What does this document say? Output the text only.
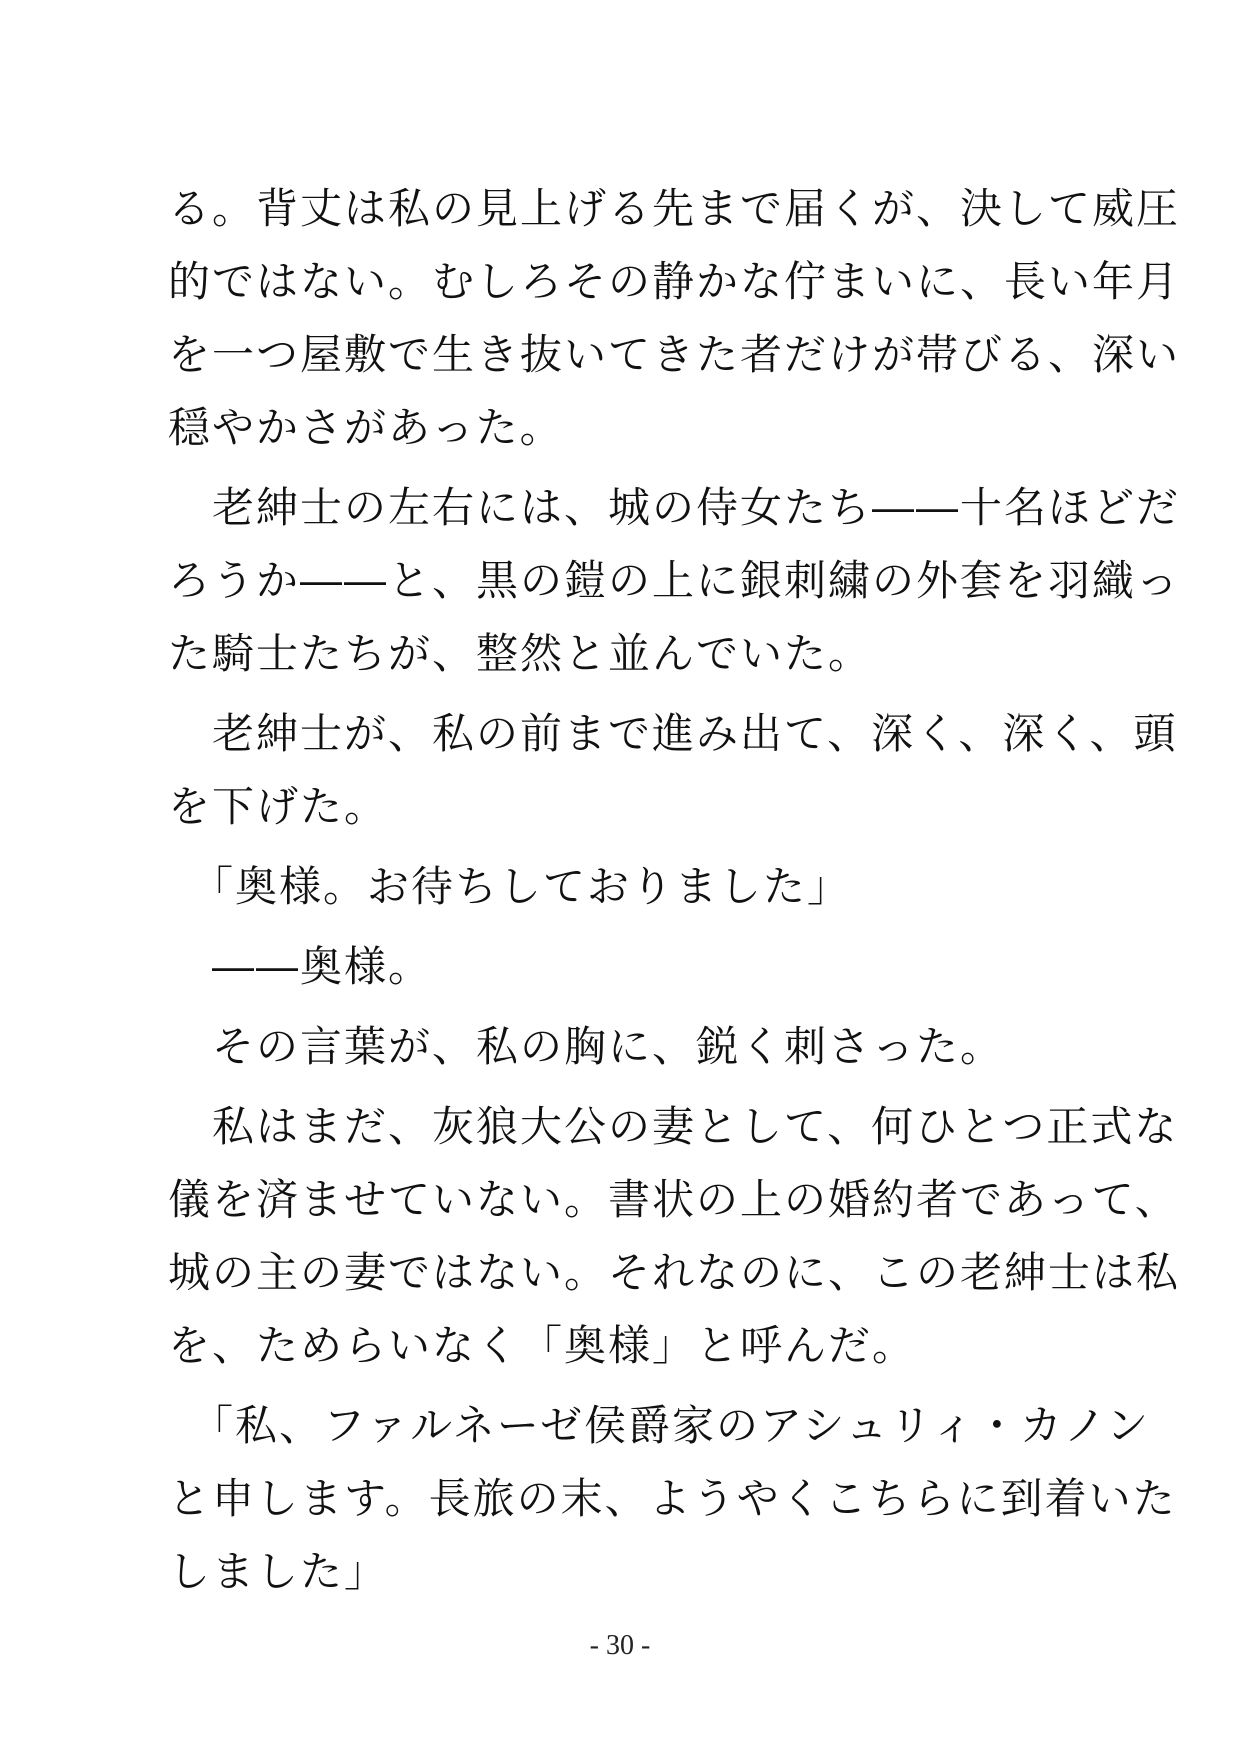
る。背丈は私の見上げる先まで届くが、決して威圧
的ではない。むしろその静かな佇まいに、長い年月
を一つ屋敷で生き抜いてきた者だけが帯びる、深い
穏やかさがあった。

　老紳士の左右には、城の侍女たち――十名ほどだ
ろうか――と、黒の鎧の上に銀刺繍の外套を羽織っ
た騎士たちが、整然と並んでいた。

　老紳士が、私の前まで進み出て、深く、深く、頭
を下げた。

　「奥様。お待ちしておりました」

　――奥様。

　その言葉が、私の胸に、鋭く刺さった。

　私はまだ、灰狼大公の妻として、何ひとつ正式な
儀を済ませていない。書状の上の婚約者であって、
城の主の妻ではない。それなのに、この老紳士は私
を、ためらいなく「奥様」と呼んだ。

　「私、ファルネーゼ侯爵家のアシュリィ・カノン
と申します。長旅の末、ようやくこちらに到着いた
しました」

- 30 -
